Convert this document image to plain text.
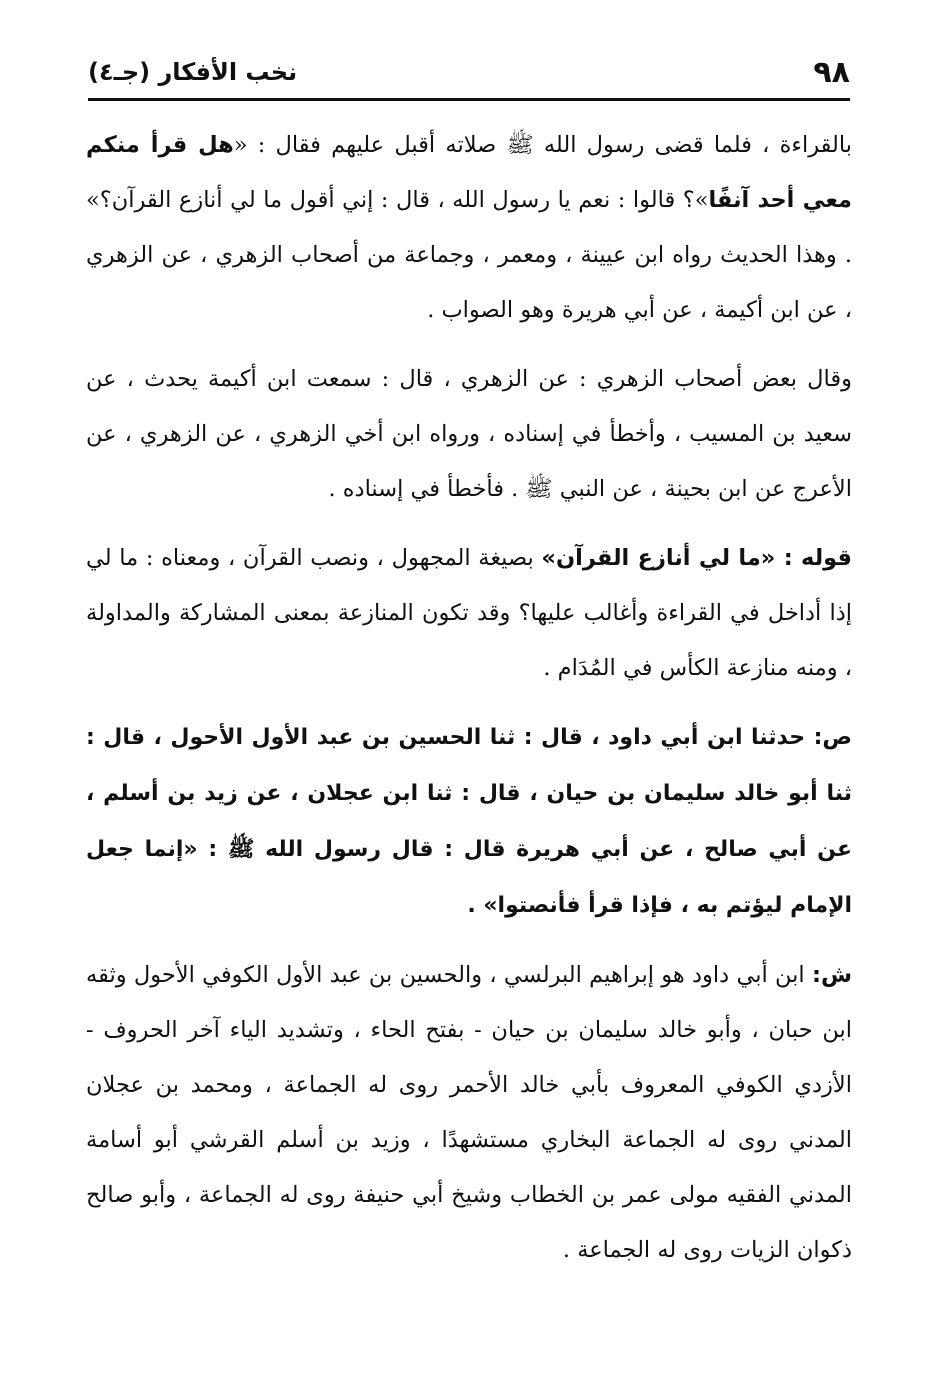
٩٨
نخب الأفكار (جـ٤)

بالقراءة ، فلما قضى رسول الله ﷺ صلاته أقبل عليهم فقال : «هل قرأ منكم معي أحد آنفًا»؟ قالوا : نعم يا رسول الله ، قال : إني أقول ما لي أنازع القرآن؟» . وهذا الحديث رواه ابن عيينة ، ومعمر ، وجماعة من أصحاب الزهري ، عن الزهري ، عن ابن أكيمة ، عن أبي هريرة وهو الصواب .

وقال بعض أصحاب الزهري : عن الزهري ، قال : سمعت ابن أكيمة يحدث ، عن سعيد بن المسيب ، وأخطأ في إسناده ، ورواه ابن أخي الزهري ، عن الزهري ، عن الأعرج عن ابن بحينة ، عن النبي ﷺ . فأخطأ في إسناده .

قوله : «ما لي أنازع القرآن» بصيغة المجهول ، ونصب القرآن ، ومعناه : ما لي إذا أداخل في القراءة وأغالب عليها؟ وقد تكون المنازعة بمعنى المشاركة والمداولة ، ومنه منازعة الكأس في المُدَام .

ص: حدثنا ابن أبي داود ، قال : ثنا الحسين بن عبد الأول الأحول ، قال : ثنا أبو خالد سليمان بن حيان ، قال : ثنا ابن عجلان ، عن زيد بن أسلم ، عن أبي صالح ، عن أبي هريرة قال : قال رسول الله ﷺ : «إنما جعل الإمام ليؤتم به ، فإذا قرأ فأنصتوا» .

ش: ابن أبي داود هو إبراهيم البرلسي ، والحسين بن عبد الأول الكوفي الأحول وثقه ابن حبان ، وأبو خالد سليمان بن حيان - بفتح الحاء ، وتشديد الياء آخر الحروف - الأزدي الكوفي المعروف بأبي خالد الأحمر روى له الجماعة ، ومحمد بن عجلان المدني روى له الجماعة البخاري مستشهدًا ، وزيد بن أسلم القرشي أبو أسامة المدني الفقيه مولى عمر بن الخطاب وشيخ أبي حنيفة روى له الجماعة ، وأبو صالح ذكوان الزيات روى له الجماعة .
